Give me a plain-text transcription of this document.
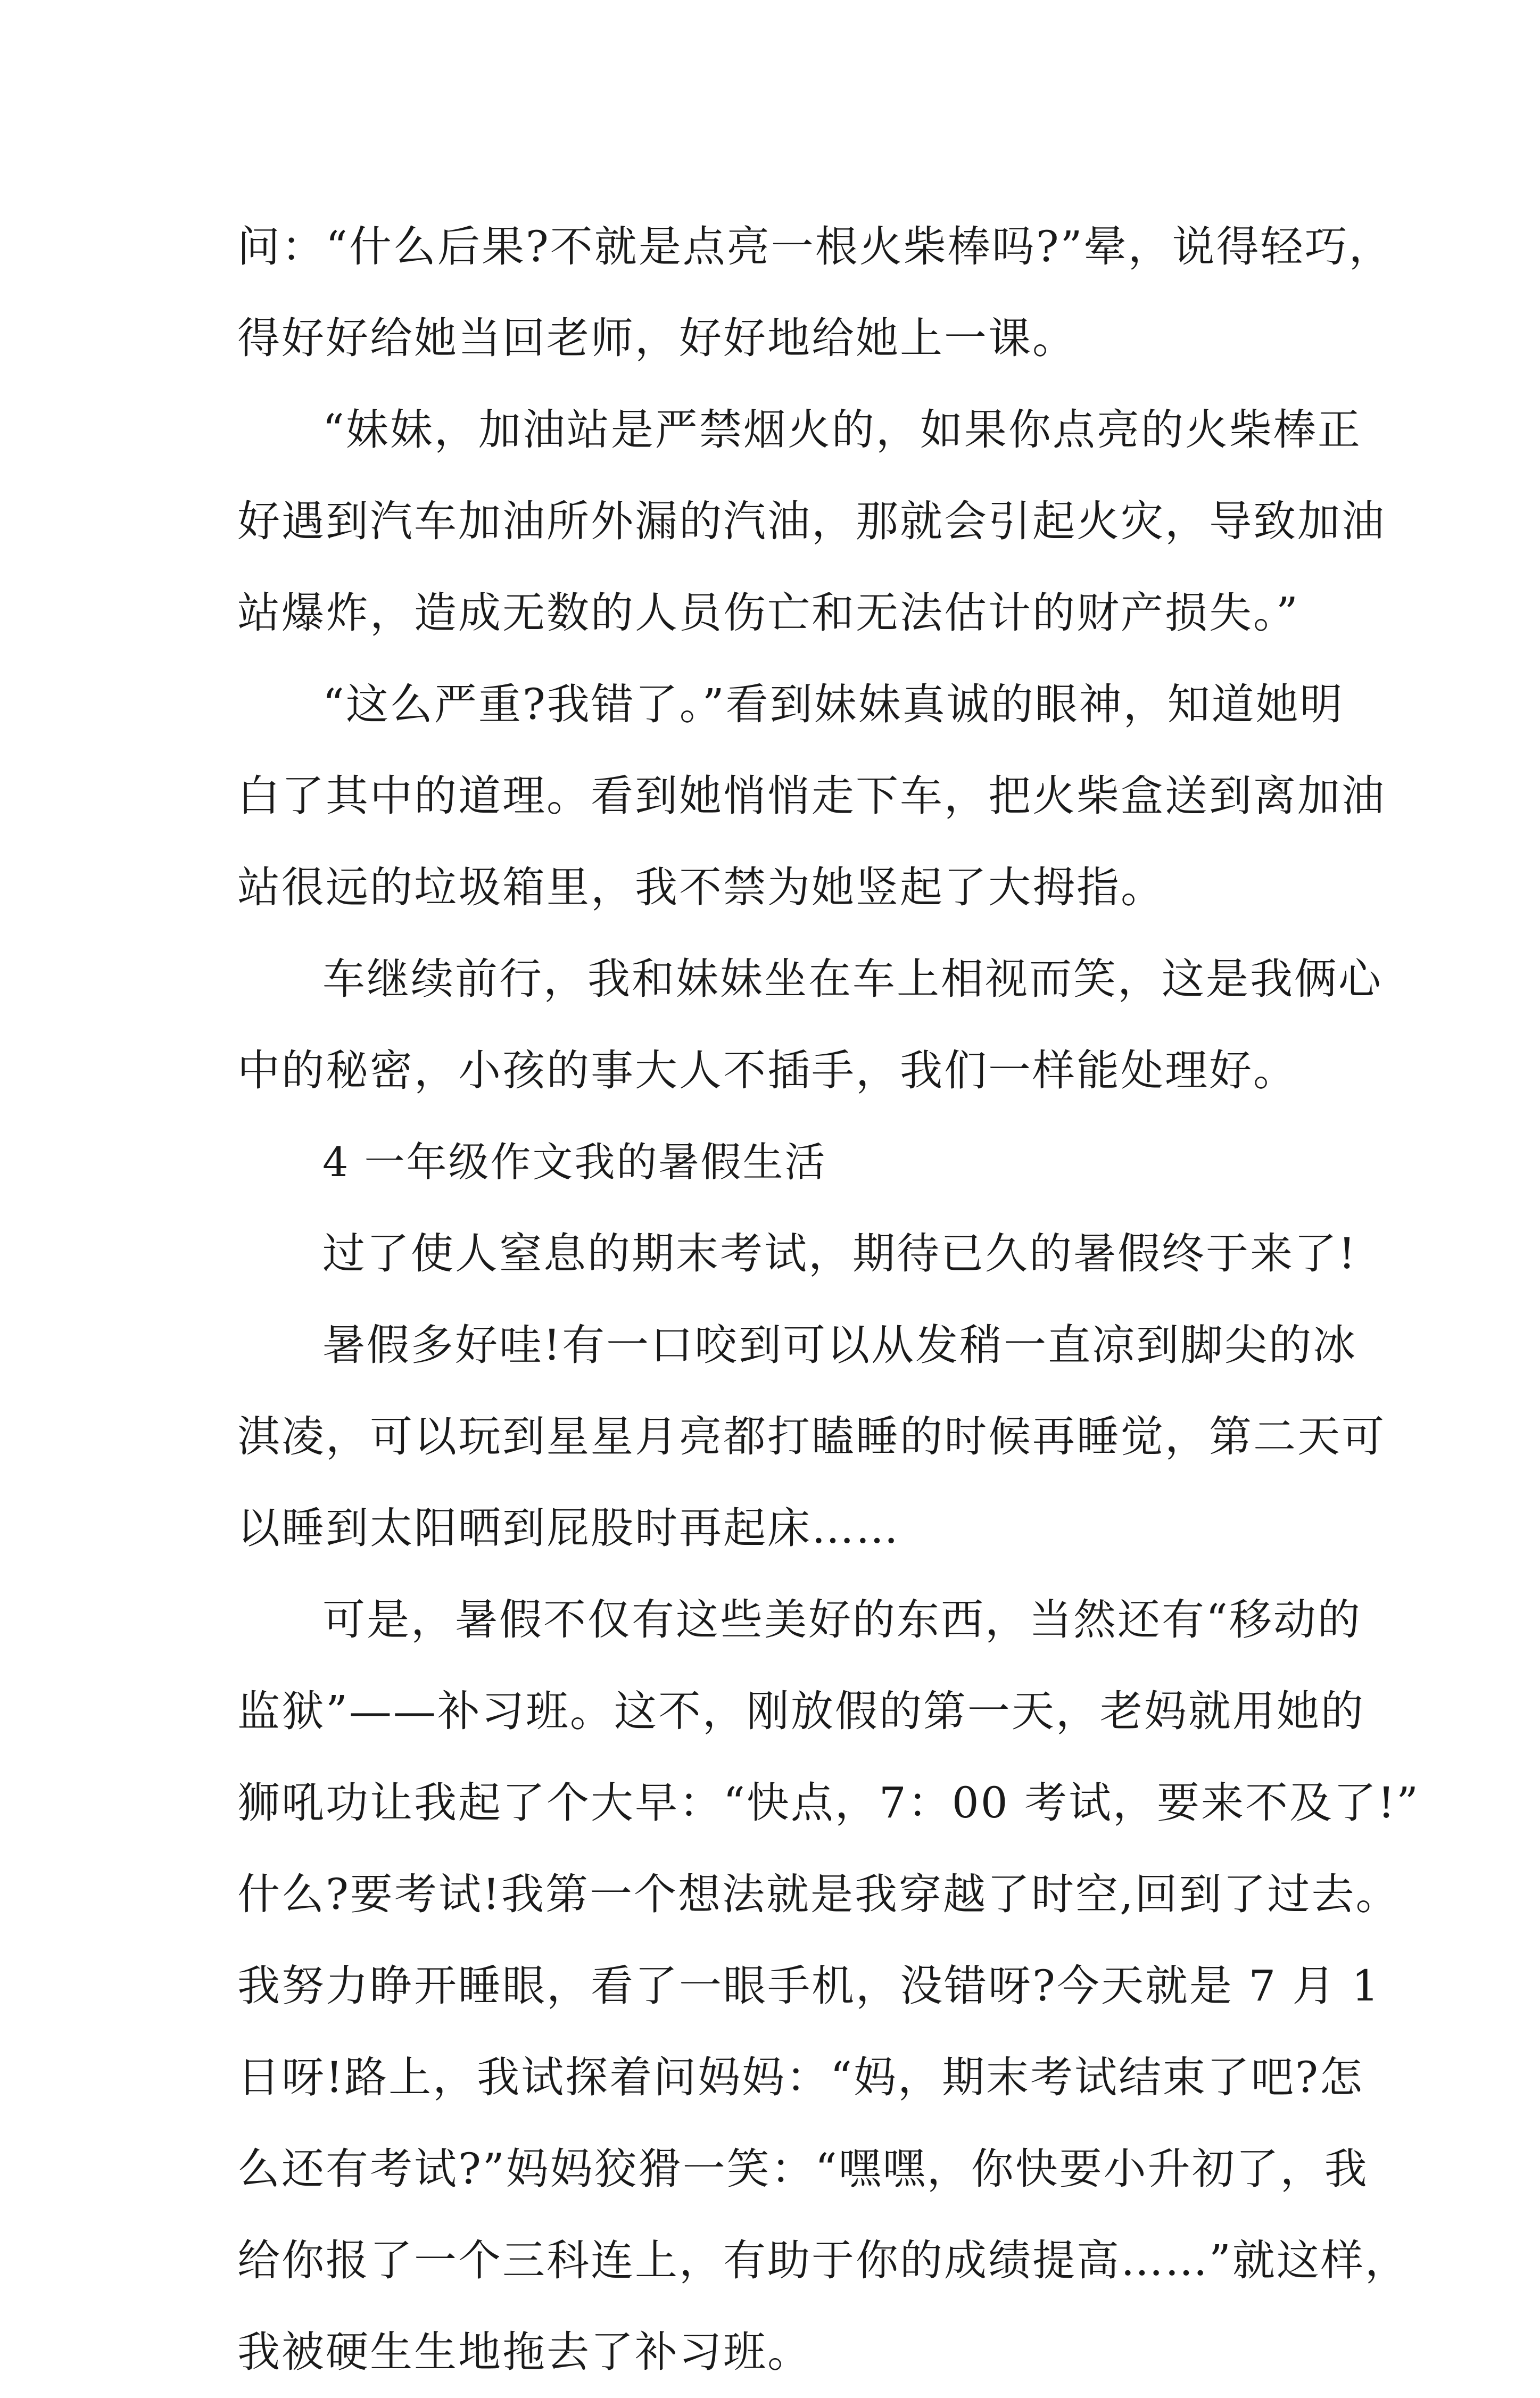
问：“什么后果?不就是点亮一根火柴棒吗?”晕，说得轻巧，
得好好给她当回老师，好好地给她上一课。
“妹妹，加油站是严禁烟火的，如果你点亮的火柴棒正
好遇到汽车加油所外漏的汽油，那就会引起火灾，导致加油
站爆炸，造成无数的人员伤亡和无法估计的财产损失。”
“这么严重?我错了。”看到妹妹真诚的眼神，知道她明
白了其中的道理。看到她悄悄走下车，把火柴盒送到离加油
站很远的垃圾箱里，我不禁为她竖起了大拇指。
车继续前行，我和妹妹坐在车上相视而笑，这是我俩心
中的秘密，小孩的事大人不插手，我们一样能处理好。
4 一年级作文我的暑假生活
过了使人窒息的期末考试，期待已久的暑假终于来了!
暑假多好哇!有一口咬到可以从发稍一直凉到脚尖的冰
淇凌，可以玩到星星月亮都打瞌睡的时候再睡觉，第二天可
以睡到太阳晒到屁股时再起床……
可是，暑假不仅有这些美好的东西，当然还有“移动的
监狱”——补习班。这不，刚放假的第一天，老妈就用她的
狮吼功让我起了个大早：“快点，7：00 考试，要来不及了!”
什么?要考试!我第一个想法就是我穿越了时空,回到了过去。
我努力睁开睡眼，看了一眼手机，没错呀?今天就是 7 月 1
日呀!路上，我试探着问妈妈：“妈，期末考试结束了吧?怎
么还有考试?”妈妈狡猾一笑：“嘿嘿，你快要小升初了，我
给你报了一个三科连上，有助于你的成绩提高……”就这样，
我被硬生生地拖去了补习班。
